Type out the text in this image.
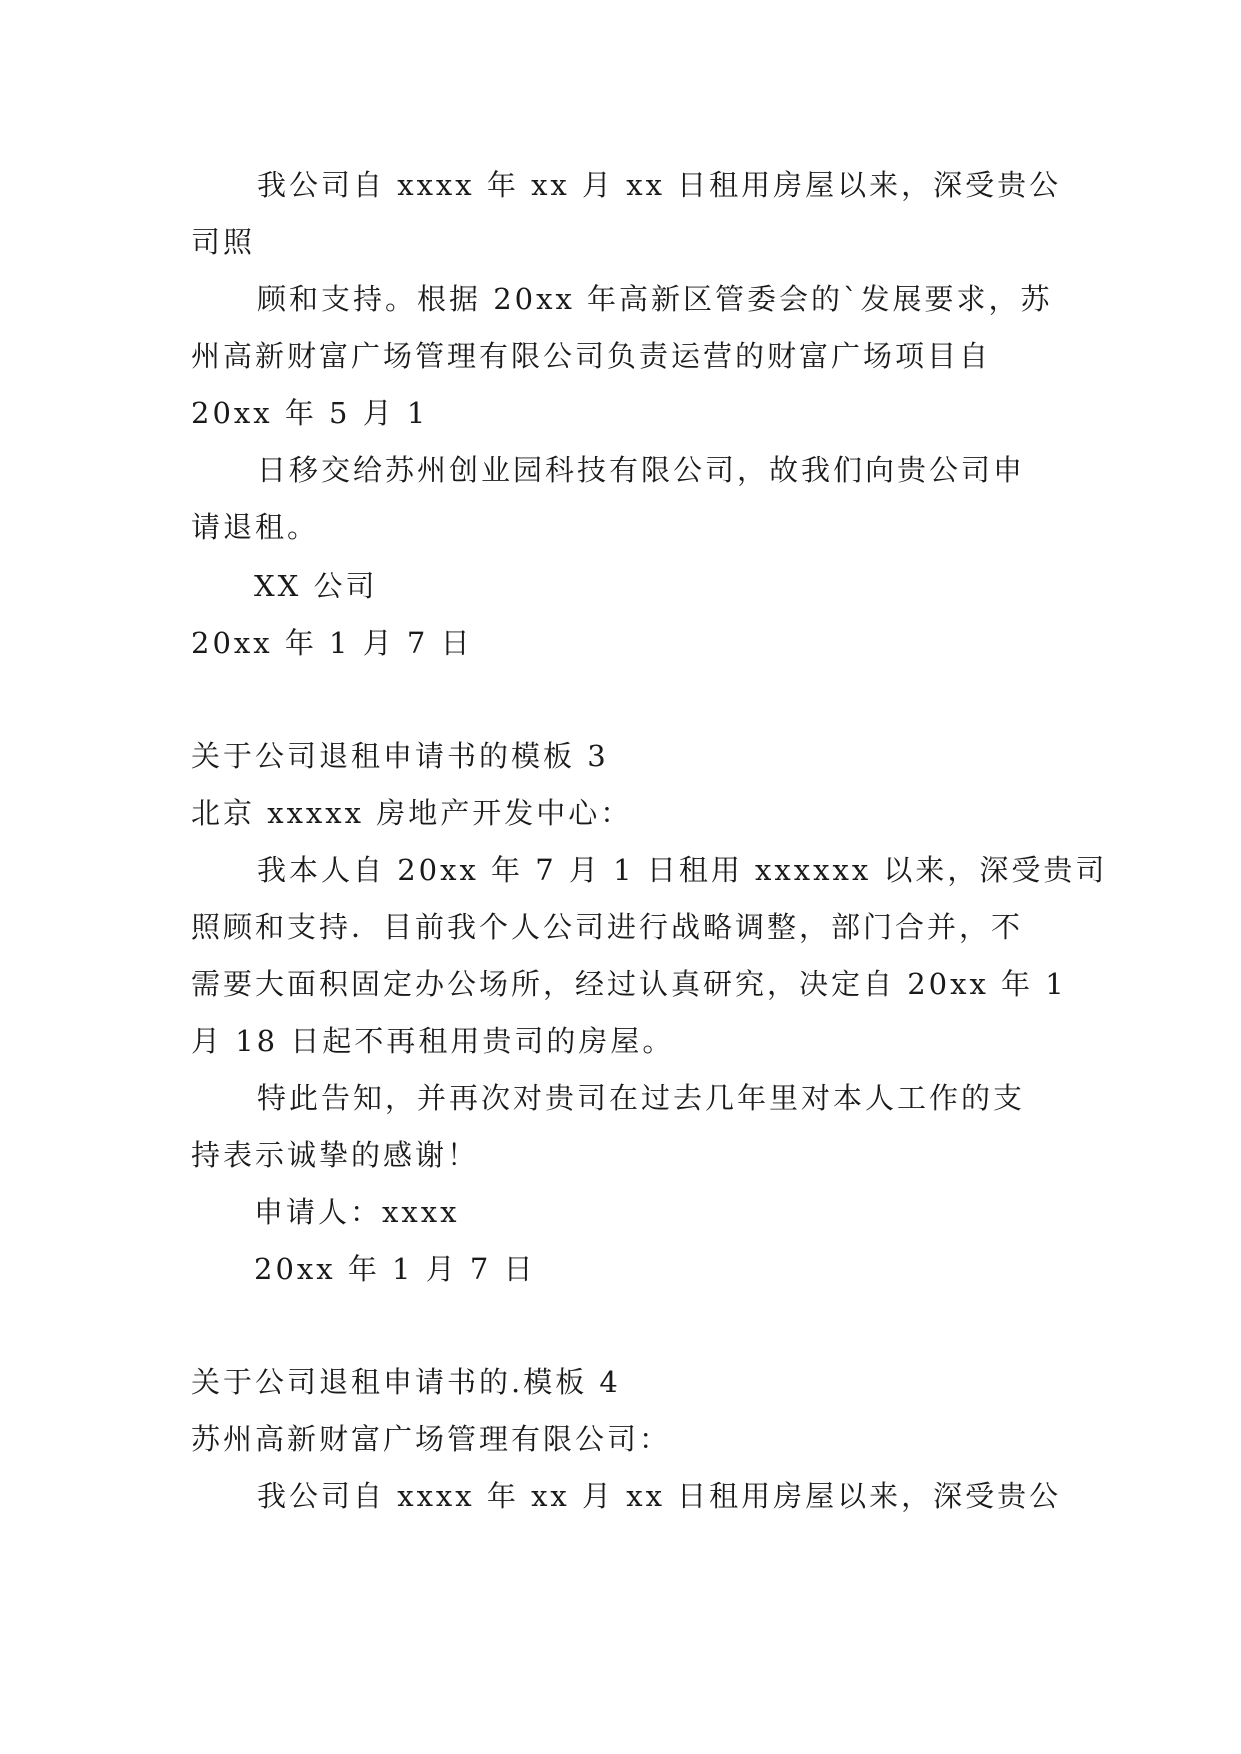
我公司自 xxxx 年 xx 月 xx 日租用房屋以来，深受贵公
司照
顾和支持。根据 20xx 年高新区管委会的`发展要求，苏
州高新财富广场管理有限公司负责运营的财富广场项目自
20xx 年 5 月 1
日移交给苏州创业园科技有限公司，故我们向贵公司申
请退租。
XX 公司
20xx 年 1 月 7 日
关于公司退租申请书的模板 3
北京 xxxxx 房地产开发中心：
我本人自 20xx 年 7 月 1 日租用 xxxxxx 以来，深受贵司
照顾和支持．目前我个人公司进行战略调整，部门合并，不
需要大面积固定办公场所，经过认真研究，决定自 20xx 年 1
月 18 日起不再租用贵司的房屋。
特此告知，并再次对贵司在过去几年里对本人工作的支
持表示诚挚的感谢！
申请人：xxxx
20xx 年 1 月 7 日
关于公司退租申请书的.模板 4
苏州高新财富广场管理有限公司：
我公司自 xxxx 年 xx 月 xx 日租用房屋以来，深受贵公
